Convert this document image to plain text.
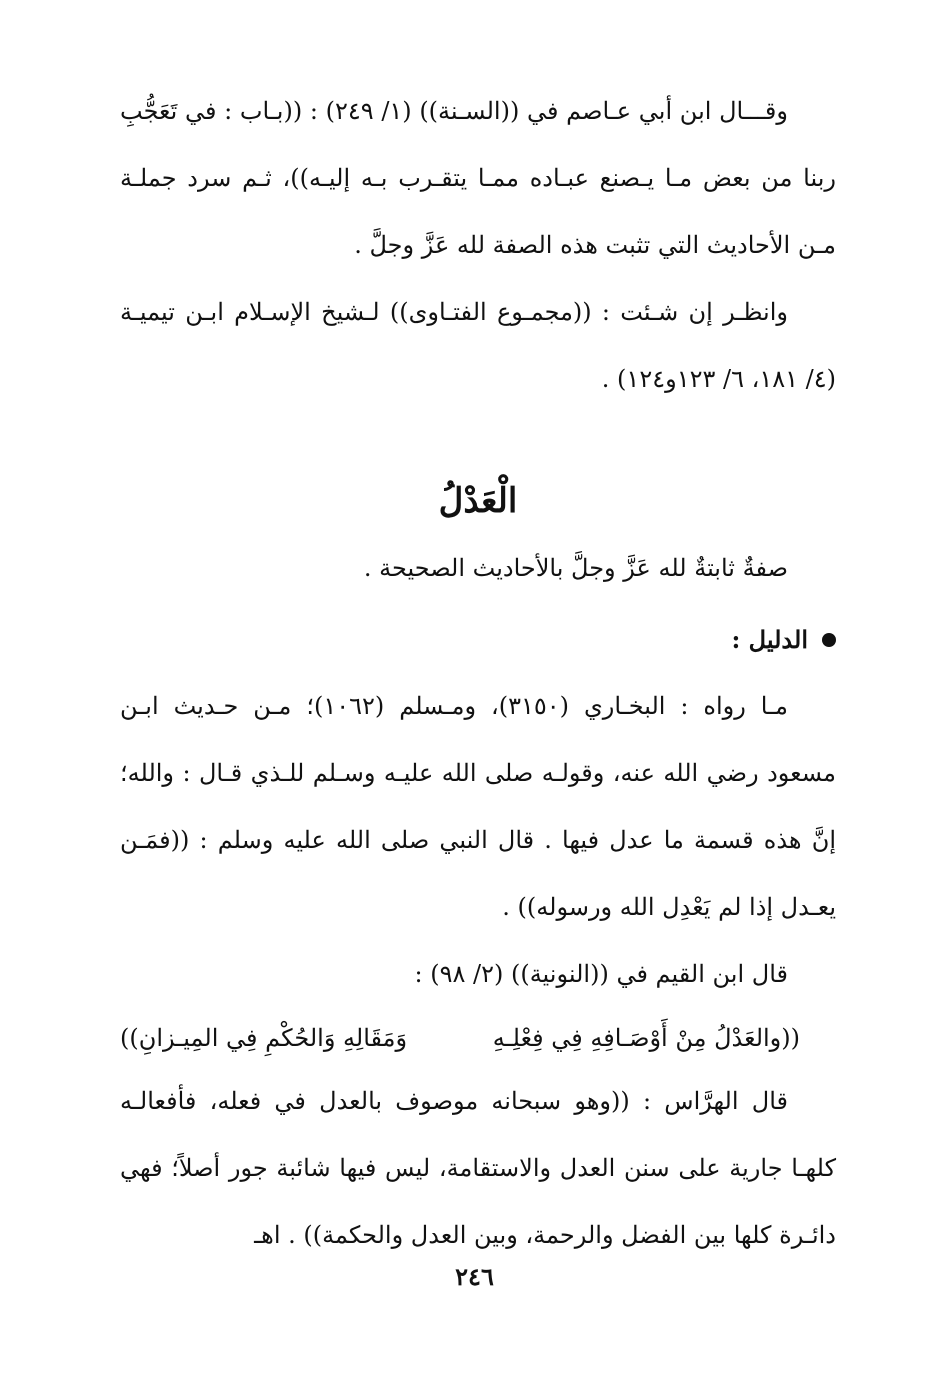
وقـــال ابن أبي عـاصم في ((السـنة)) (١/ ٢٤٩) : ((بـاب : في تَعَجُّبِ ربنا من بعض مـا يـصنع عبـاده ممـا يتقـرب بـه إليـه))، ثـم سرد جملـة مـن الأحاديث التي تثبت هذه الصفة لله عَزَّ وجلَّ .

وانظـر إن شـئت : ((مجمـوع الفتـاوى)) لـشيخ الإسـلام ابـن تيميـة (٤/ ١٨١، ٦/ ١٢٣و١٢٤) .

الْعَدْلُ

صفةٌ ثابتةٌ لله عَزَّ وجلَّ بالأحاديث الصحيحة .

الدليل :

مـا رواه : البخـاري (٣١٥٠)، ومـسلم (١٠٦٢)؛ مـن حـديث ابـن مسعود رضي الله عنه، وقولـه صلى الله عليـه وسـلم للـذي قـال : والله؛ إنَّ هذه قسمة ما عدل فيها . قال النبي صلى الله عليه وسلم : ((فمَـن يعـدل إذا لم يَعْدِل الله ورسوله)) .

قال ابن القيم في ((النونية)) (٢/ ٩٨) :

((والعَدْلُ مِنْ أَوْصَـافِهِ فِي فِعْلِـهِ
وَمَقَالِهِ وَالحُكْمِ فِي المِيـزانِ))

قال الهرَّاس : ((وهو سبحانه موصوف بالعدل في فعله، فأفعالـه كلهـا جارية على سنن العدل والاستقامة، ليس فيها شائبة جور أصلاً؛ فهي دائـرة كلها بين الفضل والرحمة، وبين العدل والحكمة)) . اهـ

٢٤٦
